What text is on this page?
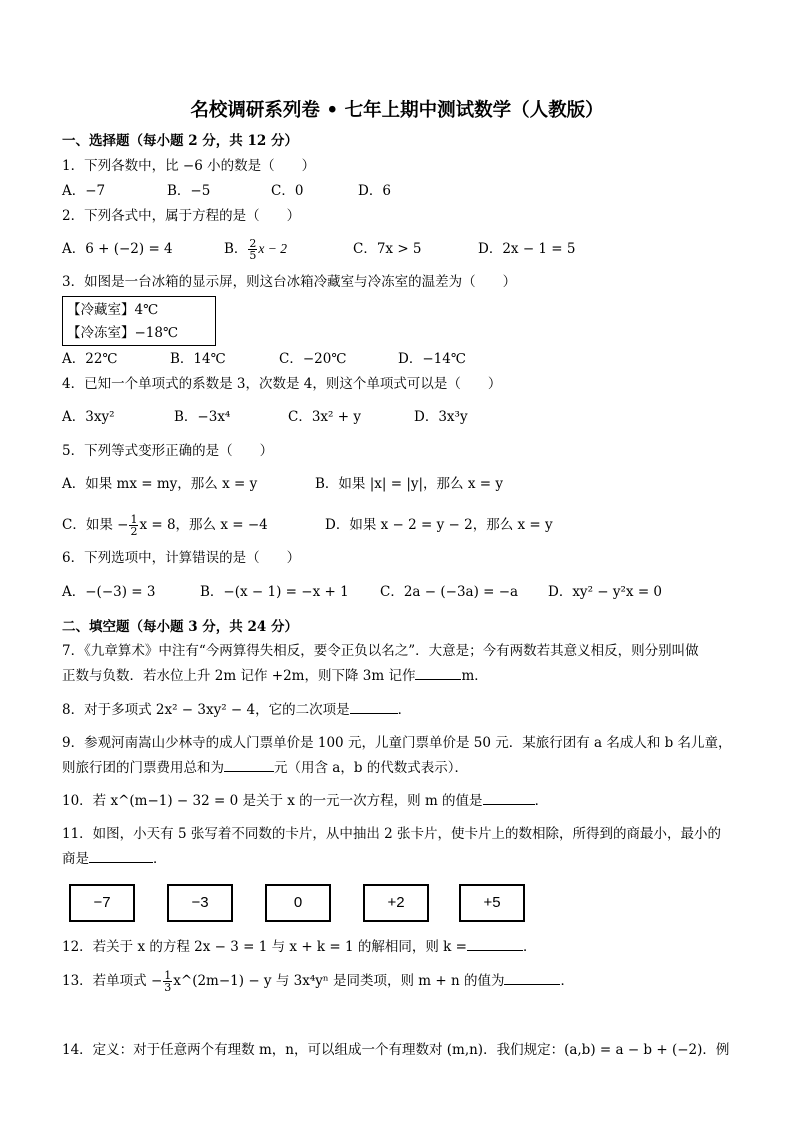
名校调研系列卷 • 七年上期中测试数学（人教版）
一、选择题（每小题 2 分，共 12 分）
1．下列各数中，比 −6 小的数是（　　）
A．−7	B．−5	C．0	D．6
2．下列各式中，属于方程的是（　　）
A．6 + (−2) = 4	B． $\frac{2}{5}$ x − 2	C．7x > 5	D．2x − 1 = 5
3．如图是一台冰箱的显示屏，则这台冰箱冷藏室与冷冻室的温差为（　　）
【冷藏室】4℃
【冷冻室】−18℃
A．22℃	B．14℃	C．−20℃	D．−14℃
4．已知一个单项式的系数是 3，次数是 4，则这个单项式可以是（　　）
A．3xy²	B．−3x⁴	C．3x² + y	D．3x³y
5．下列等式变形正确的是（　　）
A．如果 mx = my，那么 x = y	B．如果 |x| = |y|，那么 x = y
C．如果 − $\frac{1}{2}$ x = 8，那么 x = −4	D．如果 x − 2 = y − 2，那么 x = y
6．下列选项中，计算错误的是（　　）
A．−(−3) = 3	B．−(x − 1) = −x + 1 C．2a − (−3a) = −a D．xy² − y²x = 0
二、填空题（每小题 3 分，共 24 分）
7．《九章算术》中注有“今两算得失相反，要令正负以名之”．大意是；今有两数若其意义相反，则分别叫做
正数与负数．若水位上升 2m 记作 +2m，则下降 3m 记作	m．
8．对于多项式 2x² − 3xy² − 4，它的二次项是	．
9．参观河南嵩山少林寺的成人门票单价是 100 元，儿童门票单价是 50 元．某旅行团有 a 名成人和 b 名儿童，
则旅行团的门票费用总和为	元（用含 a，b 的代数式表示）．
10．若 x^(m−1) − 32 = 0 是关于 x 的一元一次方程，则 m 的值是	．
11．如图，小天有 5 张写着不同数的卡片，从中抽出 2 张卡片，使卡片上的数相除，所得到的商最小，最小的
商是	．
−7	−3	0	+2	+5
12．若关于 x 的方程 2x − 3 = 1 与 x + k = 1 的解相同，则 k =	．
13．若单项式 − $\frac{1}{3}$ x^(2m−1) − y 与 3x⁴yⁿ 是同类项，则 m + n 的值为	．
14．定义：对于任意两个有理数 m，n，可以组成一个有理数对 (m,n)．我们规定：(a,b) = a − b + (−2)．例
